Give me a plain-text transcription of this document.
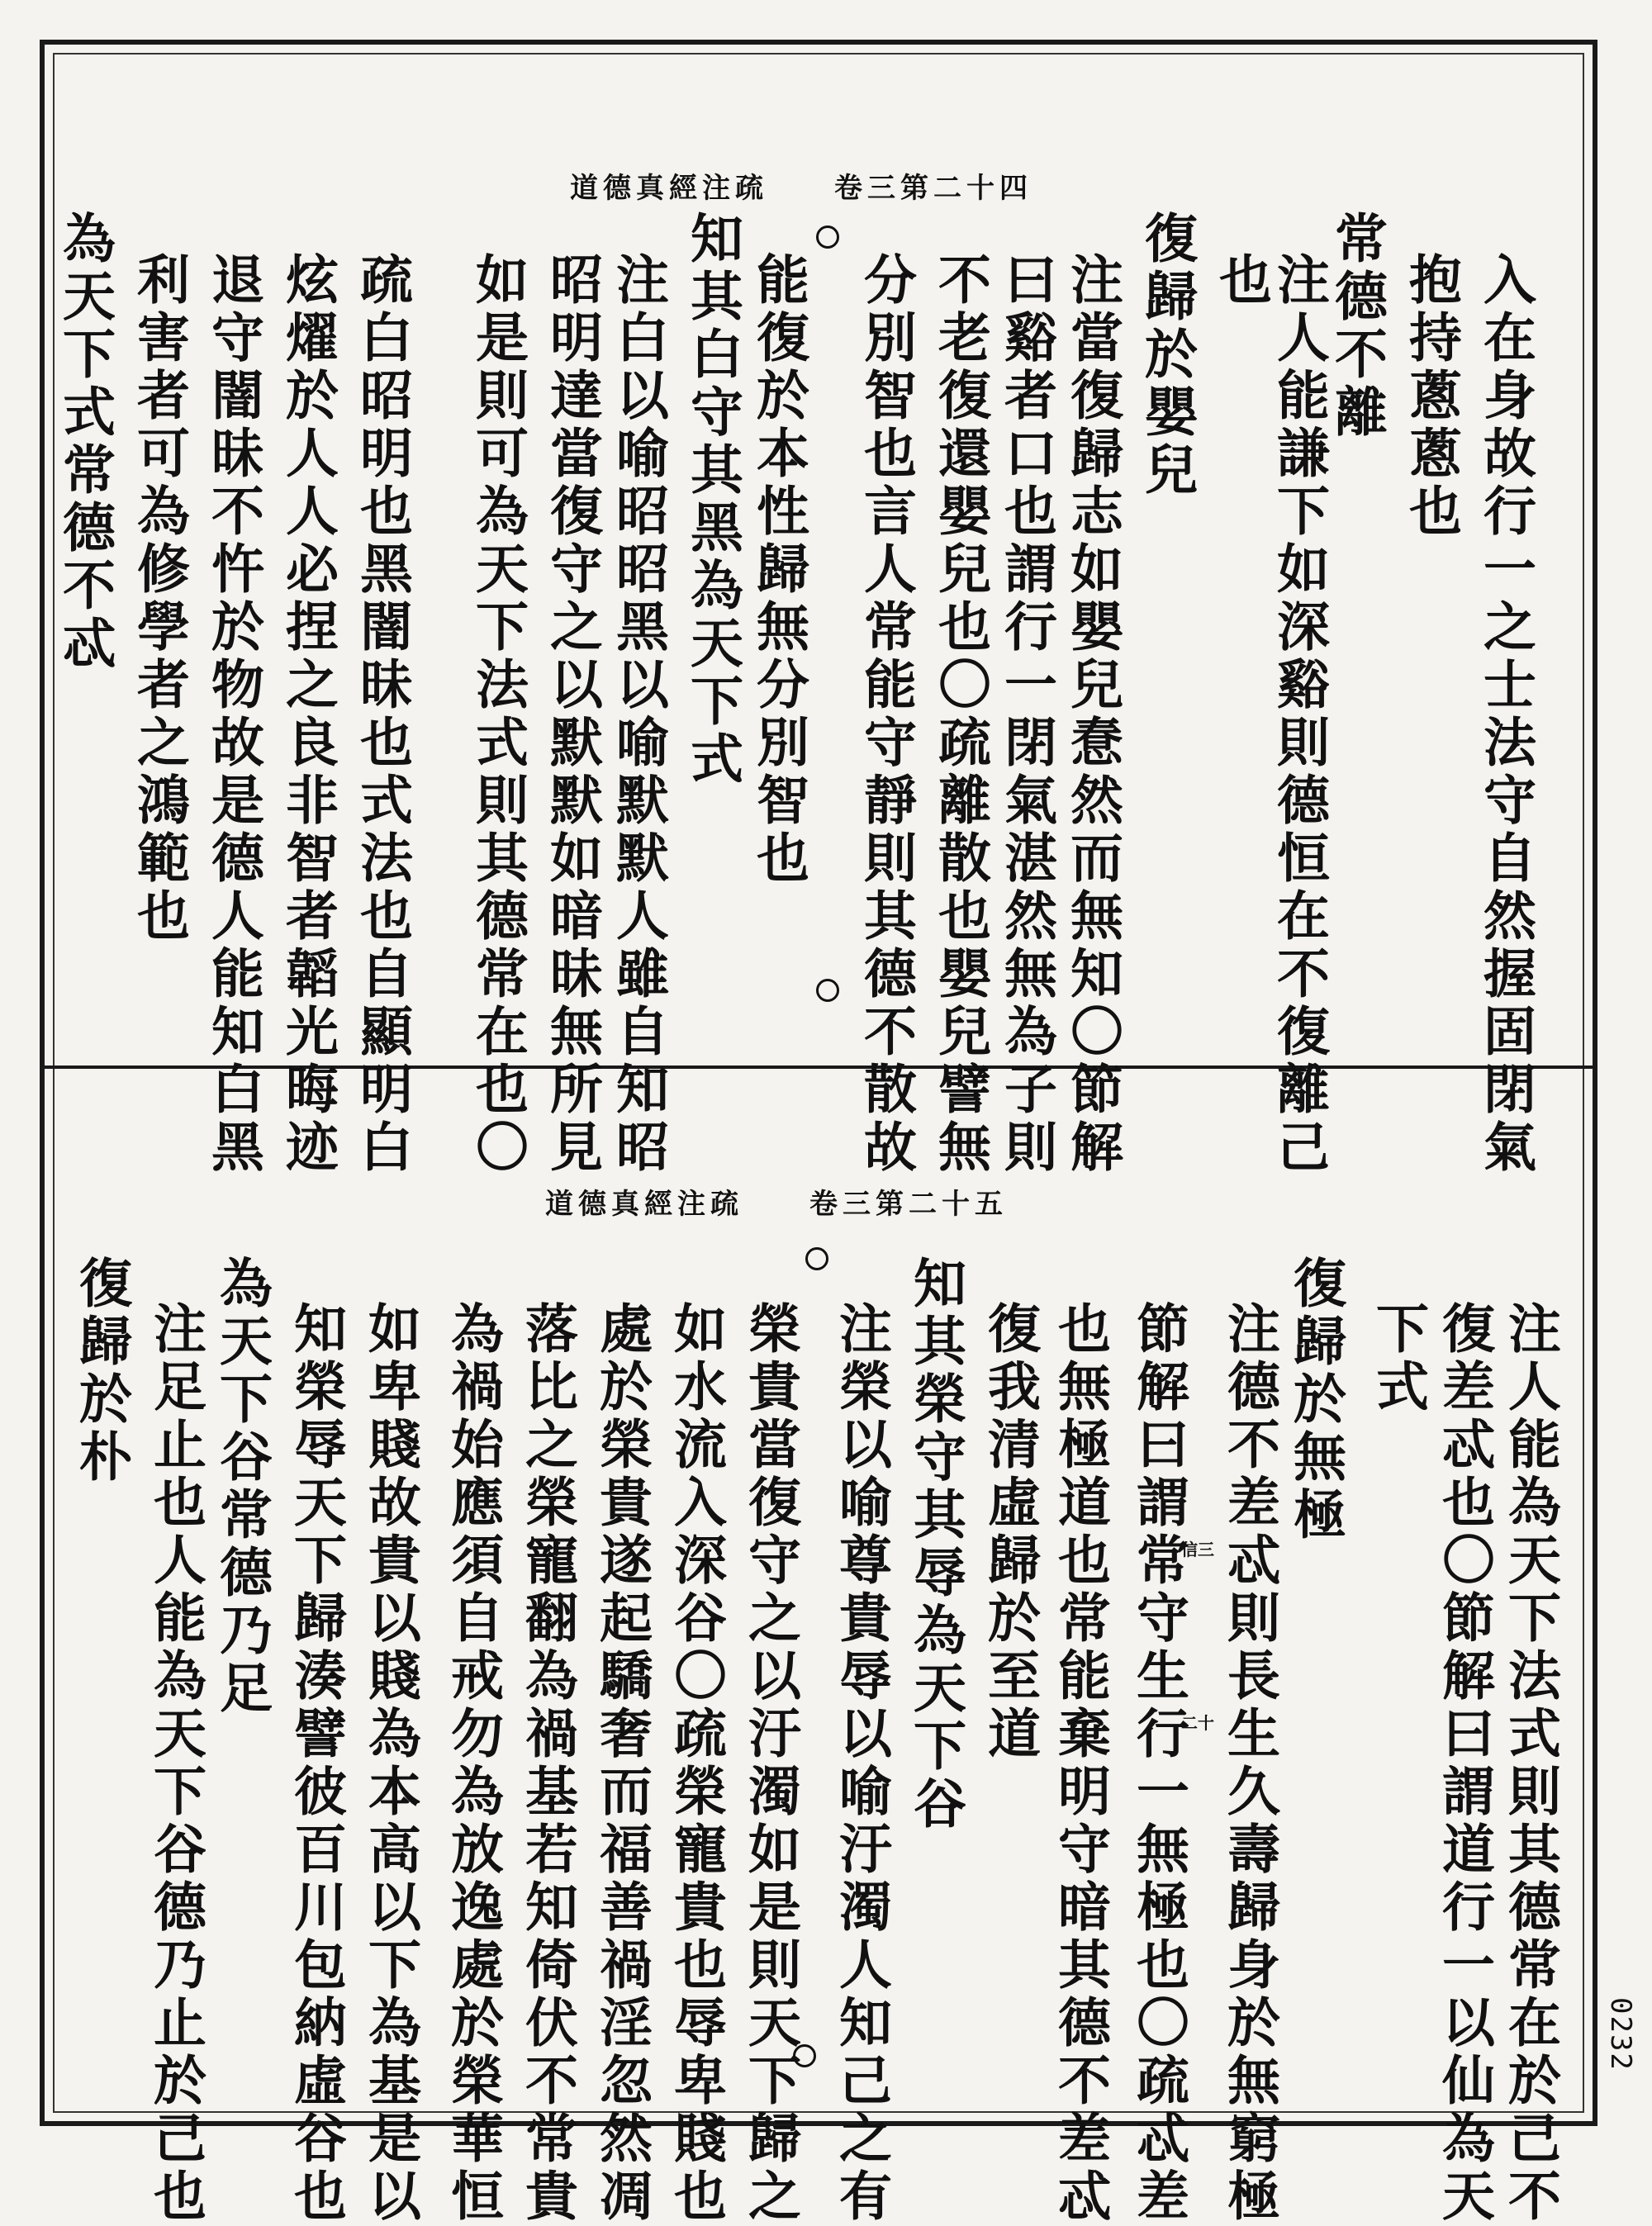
道德真經注疏 卷三第二十四
入在身故行一之士法守自然握固閉氣
抱持蔥蔥也
常德不離
注人能謙下如深谿則德恒在不復離己
也
復歸於嬰兒
注當復歸志如嬰兒惷然而無知〇節解
曰谿者口也謂行一閉氣湛然無為子則
不老復還嬰兒也〇疏離散也嬰兒譬無
分別智也言人常能守靜則其德不散故
能復於本性歸無分別智也
知其白守其黑為天下式
注白以喻昭昭黑以喻默默人雖自知昭
昭明達當復守之以默默如暗昧無所見
如是則可為天下法式則其德常在也〇
疏白昭明也黑闇昧也式法也自顯明白
炫燿於人人必捏之良非智者韜光晦迹
退守闇昧不忤於物故是德人能知白黑
利害者可為修學者之鴻範也
為天下式常德不忒
道德真經注疏 卷三第二十五
注人能為天下法式則其德常在於己不
復差忒也〇節解曰謂道行一以仙為天
下式
復歸於無極
注德不差忒則長生久壽歸身於無窮極
節解曰謂常守生行一無極也〇疏忒差
也無極道也常能棄明守暗其德不差忒
復我清虛歸於至道
知其榮守其辱為天下谷
注榮以喻尊貴辱以喻汙濁人知己之有
榮貴當復守之以汙濁如是則天下歸之
如水流入深谷〇疏榮寵貴也辱卑賤也
處於榮貴遂起驕奢而福善禍淫忽然凋
落比之榮寵翻為禍基若知倚伏不常貴
為禍始應須自戒勿為放逸處於榮華恒
如卑賤故貴以賤為本高以下為基是以
知榮辱天下歸湊譬彼百川包納虛谷也
為天下谷常德乃足
注足止也人能為天下谷德乃止於己也
復歸於朴
信三
二十
0232
